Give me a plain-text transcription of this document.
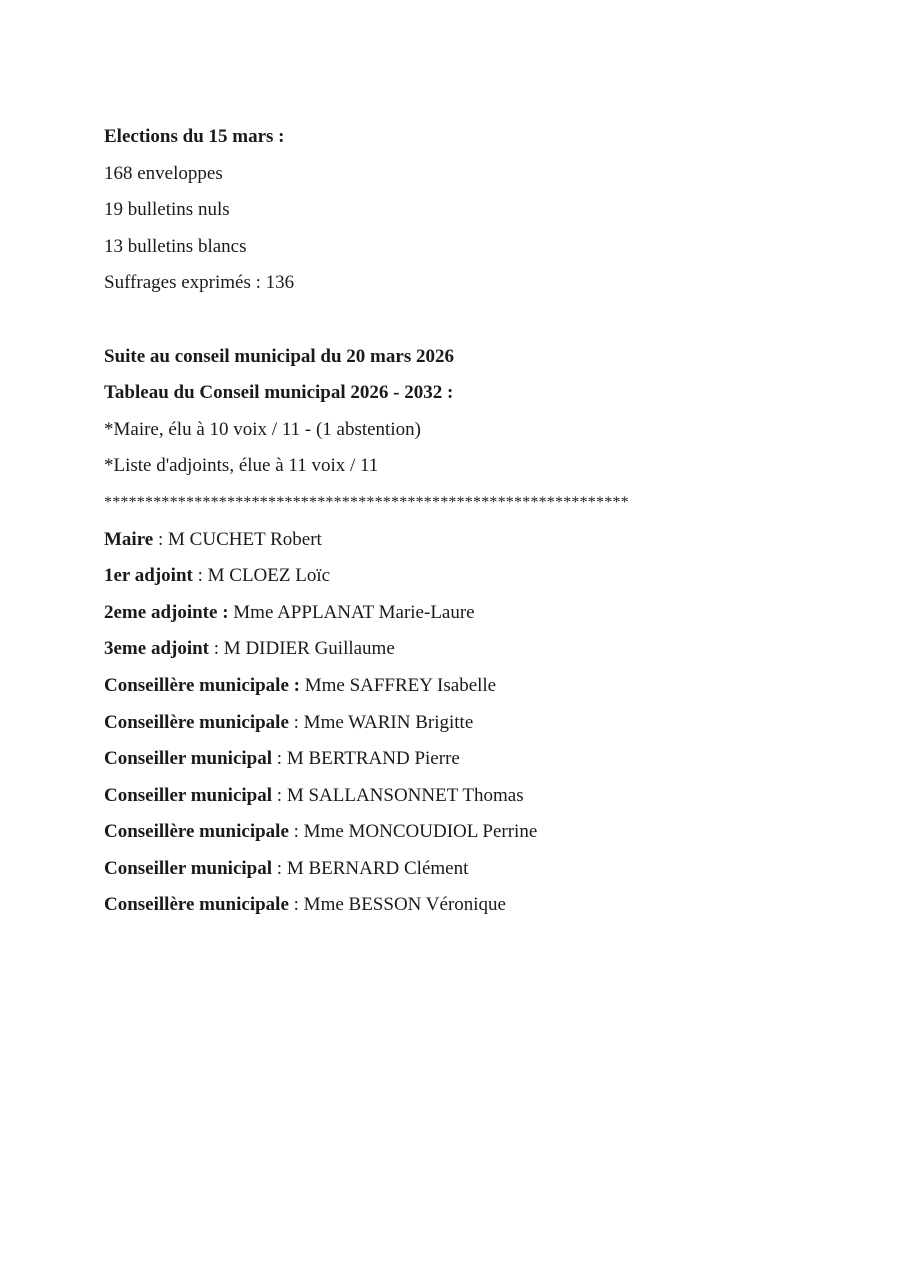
Elections du 15 mars :
168 enveloppes
19 bulletins nuls
13 bulletins blancs
Suffrages exprimés : 136
Suite au conseil municipal du 20 mars 2026
Tableau du Conseil municipal 2026 - 2032 :
*Maire, élu à 10 voix / 11 - (1 abstention)
*Liste d'adjoints, élue à 11 voix / 11
****************************************************************
Maire : M CUCHET Robert
1er adjoint : M CLOEZ Loïc
2eme adjointe : Mme APPLANAT Marie-Laure
3eme adjoint : M DIDIER Guillaume
Conseillère municipale : Mme SAFFREY Isabelle
Conseillère municipale : Mme WARIN Brigitte
Conseiller municipal : M BERTRAND Pierre
Conseiller municipal : M SALLANSONNET Thomas
Conseillère municipale : Mme MONCOUDIOL Perrine
Conseiller municipal : M BERNARD Clément
Conseillère municipale : Mme BESSON Véronique
